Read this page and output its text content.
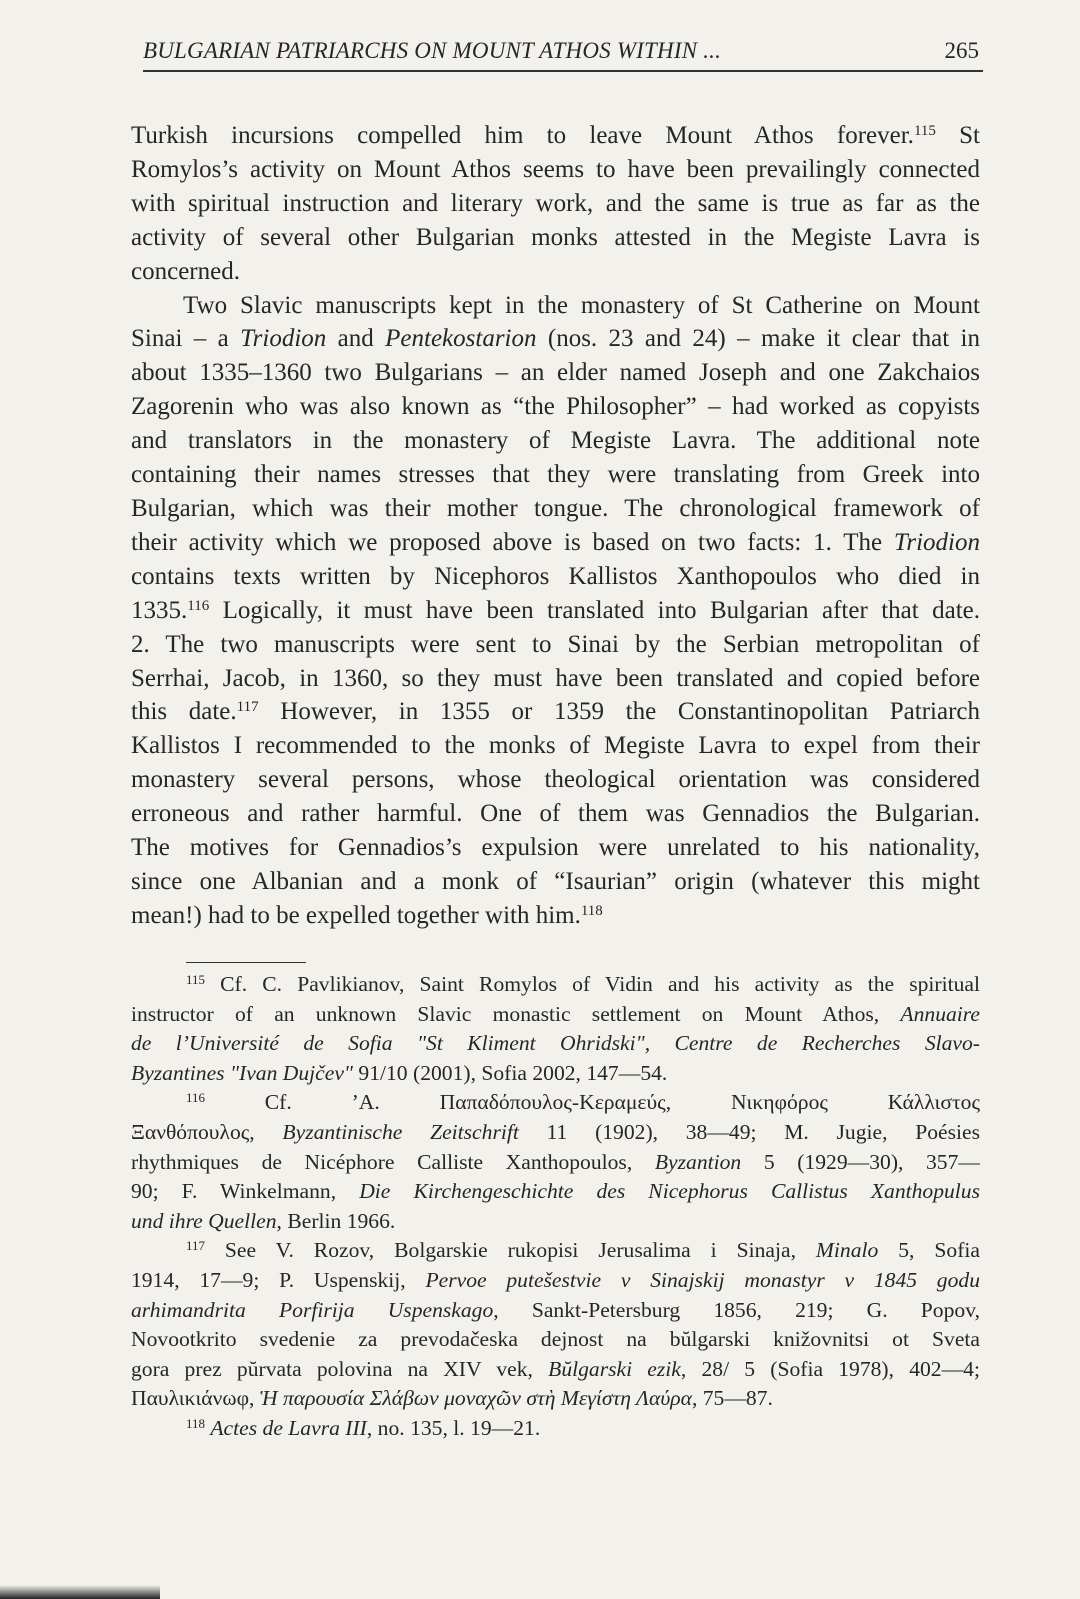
BULGARIAN PATRIARCHS ON MOUNT ATHOS WITHIN ...	265
Turkish incursions compelled him to leave Mount Athos forever.$^{115}$ St
Romylos’s activity on Mount Athos seems to have been prevailingly connected
with spiritual instruction and literary work, and the same is true as far as the
activity of several other Bulgarian monks attested in the Megiste Lavra is
concerned.
Two Slavic manuscripts kept in the monastery of St Catherine on Mount
Sinai – a Triodion and Pentekostarion (nos. 23 and 24) – make it clear that in
about 1335–1360 two Bulgarians – an elder named Joseph and one Zakchaios
Zagorenin who was also known as “the Philosopher” – had worked as copyists
and translators in the monastery of Megiste Lavra. The additional note
containing their names stresses that they were translating from Greek into
Bulgarian, which was their mother tongue. The chronological framework of
their activity which we proposed above is based on two facts: 1. The Triodion
contains texts written by Nicephoros Kallistos Xanthopoulos who died in
1335.$^{116}$ Logically, it must have been translated into Bulgarian after that date.
2. The two manuscripts were sent to Sinai by the Serbian metropolitan of
Serrhai, Jacob, in 1360, so they must have been translated and copied before
this date.$^{117}$ However, in 1355 or 1359 the Constantinopolitan Patriarch
Kallistos I recommended to the monks of Megiste Lavra to expel from their
monastery several persons, whose theological orientation was considered
erroneous and rather harmful. One of them was Gennadios the Bulgarian.
The motives for Gennadios’s expulsion were unrelated to his nationality,
since one Albanian and a monk of “Isaurian” origin (whatever this might
mean!) had to be expelled together with him.$^{118}$
$^{115}$ Cf. C. Pavlikianov, Saint Romylos of Vidin and his activity as the spiritual
instructor of an unknown Slavic monastic settlement on Mount Athos, Annuaire
de l’Université de Sofia "St Kliment Ohridski", Centre de Recherches Slavo-
Byzantines "Ivan Dujčev" 91/10 (2001), Sofia 2002, 147—54.
$^{116}$ Cf. ’A. Παπαδόπουλος-Κεραμεύς, Νικηφόρος Κάλλιστος
Ξανθόπουλος, Byzantinische Zeitschrift 11 (1902), 38—49; M. Jugie, Poésies
rhythmiques de Nicéphore Calliste Xanthopoulos, Byzantion 5 (1929—30), 357—
90; F. Winkelmann, Die Kirchengeschichte des Nicephorus Callistus Xanthopulus
und ihre Quellen, Berlin 1966.
$^{117}$ See V. Rozov, Bolgarskie rukopisi Jerusalima i Sinaja, Minalo 5, Sofia
1914, 17—9; P. Uspenskij, Pervoe putešestvie v Sinajskij monastyr v 1845 godu
arhimandrita Porfirija Uspenskago, Sankt-Petersburg 1856, 219; G. Popov,
Novootkrito svedenie za prevodačeska dejnost na bŭlgarski knižovnitsi ot Sveta
gora prez pŭrvata polovina na XIV vek, Bŭlgarski ezik, 28/ 5 (Sofia 1978), 402—4;
Παυλικιάνωφ, Ἡ παρουσία Σλάβων μοναχῶν στὴ Μεγίστη Λαύρα, 75—87.
$^{118}$ Actes de Lavra III, no. 135, l. 19—21.
